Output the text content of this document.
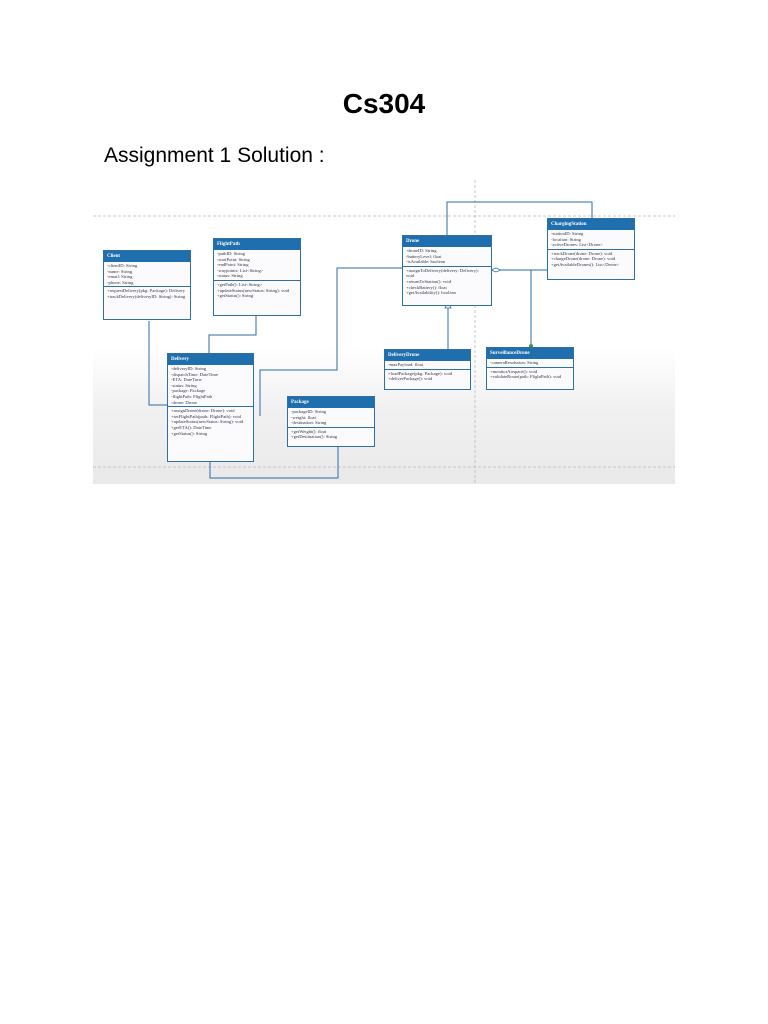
Cs304
Assignment 1 Solution :
Client
-clientID: String
-name: String
-email: String
-phone: String
+requestDelivery(pkg: Package): Delivery
+trackDelivery(deliveryID: String): String
FlightPath
-pathID: String
-startPoint: String
-endPoint: String
-waypoints: List<String>
-status: String
+getPath(): List<String>
+updateStatus(newStatus: String): void
+getStatus(): String
Drone
-droneID: String
-batteryLevel: float
-isAvailable: boolean
+assignToDelivery(delivery: Delivery): void
+returnToStation(): void
+checkBattery(): float
+getAvailability(): boolean
ChargingStation
-stationID: String
-location: String
-activeDrones: List<Drone>
+trackDrone(drone: Drone): void
+chargeDrone(drone: Drone): void
+getAvailableDrones(): List<Drone>
Delivery
-deliveryID: String
-dispatchTime: DateTime
-ETA: DateTime
-status: String
-package: Package
-flightPath: FlightPath
-drone: Drone
+assignDrone(drone: Drone): void
+setFlightPath(path: FlightPath): void
+updateStatus(newStatus: String): void
+getETA(): DateTime
+getStatus(): String
DeliveryDrone
-maxPayload: float
+loadPackage(pkg: Package): void
+deliverPackage(): void
SurveillanceDrone
-cameraResolution: String
+monitorAirspace(): void
+validateRoute(path: FlightPath): void
Package
-packageID: String
-weight: float
-destination: String
+getWeight(): float
+getDestination(): String
